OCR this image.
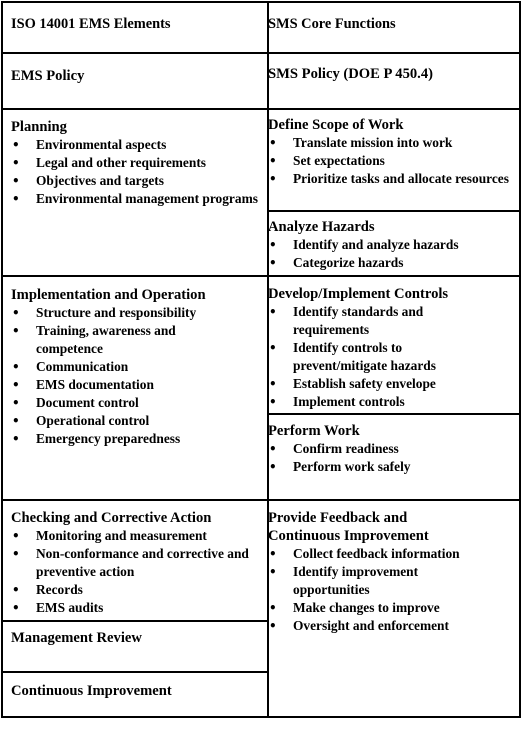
ISO 14001 EMS Elements	SMS Core Functions
EMS Policy	SMS Policy (DOE P 450.4)
Planning
• Environmental aspects
• Legal and other requirements
• Objectives and targets
• Environmental management programs
Define Scope of Work
• Translate mission into work
• Set expectations
• Prioritize tasks and allocate resources
Analyze Hazards
• Identify and analyze hazards
• Categorize hazards
Implementation and Operation
• Structure and responsibility
• Training, awareness and competence
• Communication
• EMS documentation
• Document control
• Operational control
• Emergency preparedness
Develop/Implement Controls
• Identify standards and requirements
• Identify controls to prevent/mitigate hazards
• Establish safety envelope
• Implement controls
Perform Work
• Confirm readiness
• Perform work safely
Checking and Corrective Action
• Monitoring and measurement
• Non-conformance and corrective and preventive action
• Records
• EMS audits
Provide Feedback and Continuous Improvement
• Collect feedback information
• Identify improvement opportunities
• Make changes to improve
• Oversight and enforcement
Management Review
Continuous Improvement
